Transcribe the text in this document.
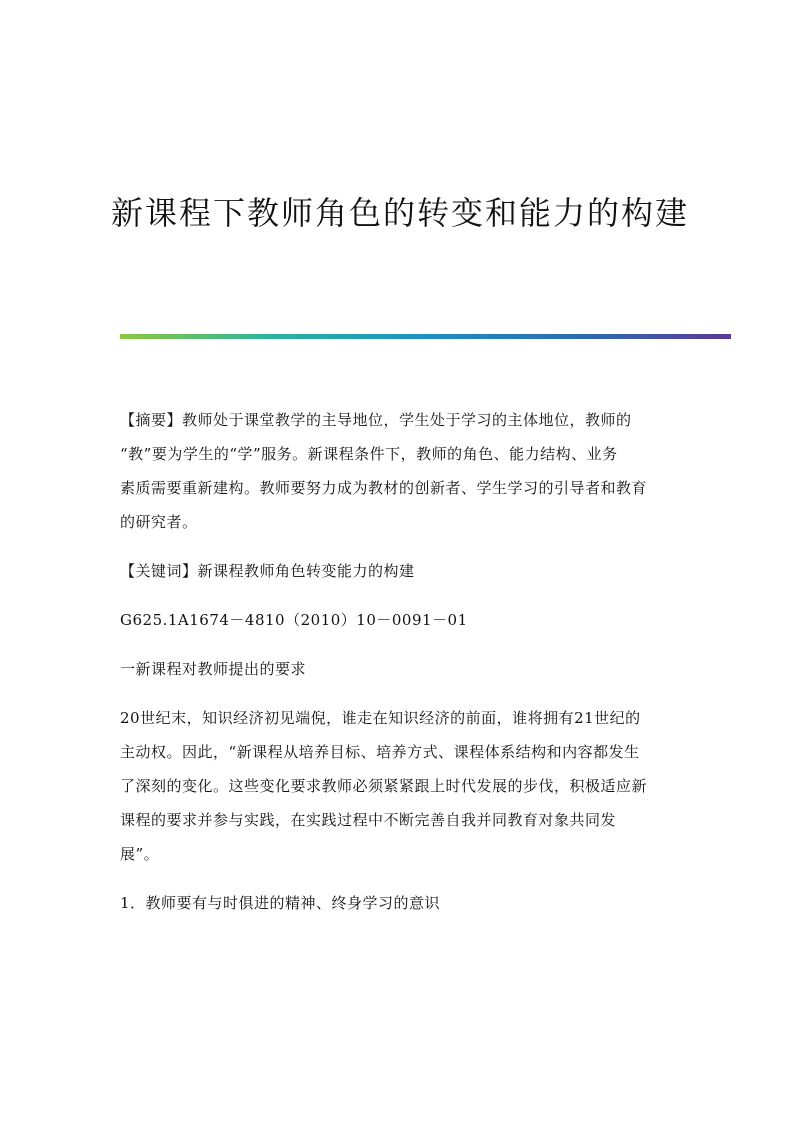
新课程下教师角色的转变和能力的构建

【摘要】教师处于课堂教学的主导地位，学生处于学习的主体地位，教师的

“教”要为学生的“学”服务。新课程条件下，教师的角色、能力结构、业务

素质需要重新建构。教师要努力成为教材的创新者、学生学习的引导者和教育

的研究者。

【关键词】新课程教师角色转变能力的构建

G625.1A1674－4810（2010）10－0091－01

一新课程对教师提出的要求

20世纪末，知识经济初见端倪，谁走在知识经济的前面，谁将拥有21世纪的

主动权。因此，“新课程从培养目标、培养方式、课程体系结构和内容都发生

了深刻的变化。这些变化要求教师必须紧紧跟上时代发展的步伐，积极适应新

课程的要求并参与实践，在实践过程中不断完善自我并同教育对象共同发

展”。

1．教师要有与时俱进的精神、终身学习的意识
